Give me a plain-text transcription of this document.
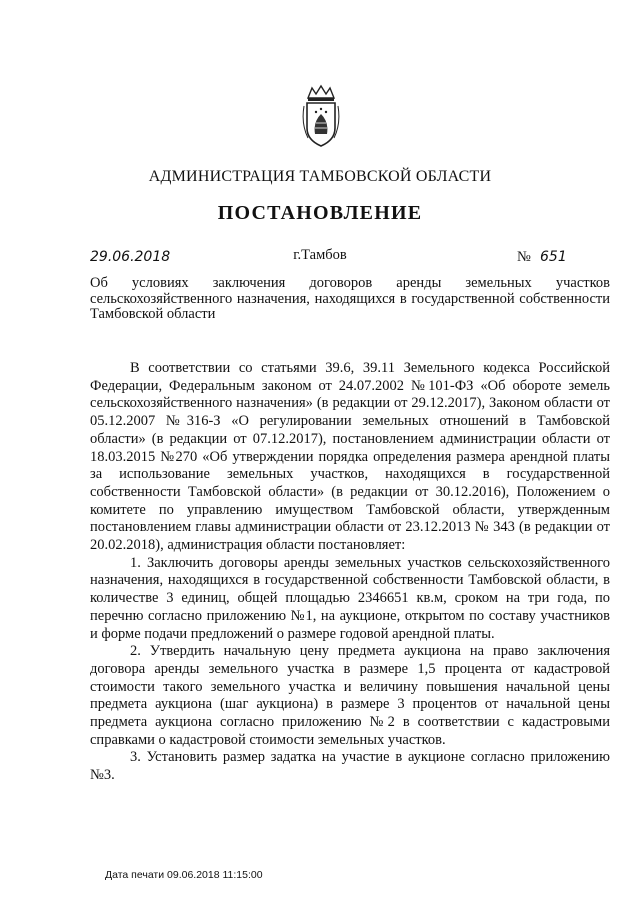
АДМИНИСТРАЦИЯ ТАМБОВСКОЙ ОБЛАСТИ
ПОСТАНОВЛЕНИЕ
29.06.2018	г.Тамбов	№ 651
Об условиях заключения договоров аренды земельных участков сельскохозяйственного назначения, находящихся в государственной собственности Тамбовской области

В соответствии со статьями 39.6, 39.11 Земельного кодекса Российской Федерации, Федеральным законом от 24.07.2002 №101-ФЗ «Об обороте земель сельскохозяйственного назначения» (в редакции от 29.12.2017), Законом области от 05.12.2007 №316-З «О регулировании земельных отношений в Тамбовской области» (в редакции от 07.12.2017), постановлением администрации области от 18.03.2015 №270 «Об утверждении порядка определения размера арендной платы за использование земельных участков, находящихся в государственной собственности Тамбовской области» (в редакции от 30.12.2016), Положением о комитете по управлению имуществом Тамбовской области, утвержденным постановлением главы администрации области от 23.12.2013 № 343 (в редакции от 20.02.2018), администрация области постановляет:

1. Заключить договоры аренды земельных участков сельскохозяйственного назначения, находящихся в государственной собственности Тамбовской области, в количестве 3 единиц, общей площадью 2346651 кв.м, сроком на три года, по перечню согласно приложению №1, на аукционе, открытом по составу участников и форме подачи предложений о размере годовой арендной платы.

2. Утвердить начальную цену предмета аукциона на право заключения договора аренды земельного участка в размере 1,5 процента от кадастровой стоимости такого земельного участка и величину повышения начальной цены предмета аукциона (шаг аукциона) в размере 3 процентов от начальной цены предмета аукциона согласно приложению №2 в соответствии с кадастровыми справками о кадастровой стоимости земельных участков.

3. Установить размер задатка на участие в аукционе согласно приложению №3.

Дата печати 09.06.2018 11:15:00
